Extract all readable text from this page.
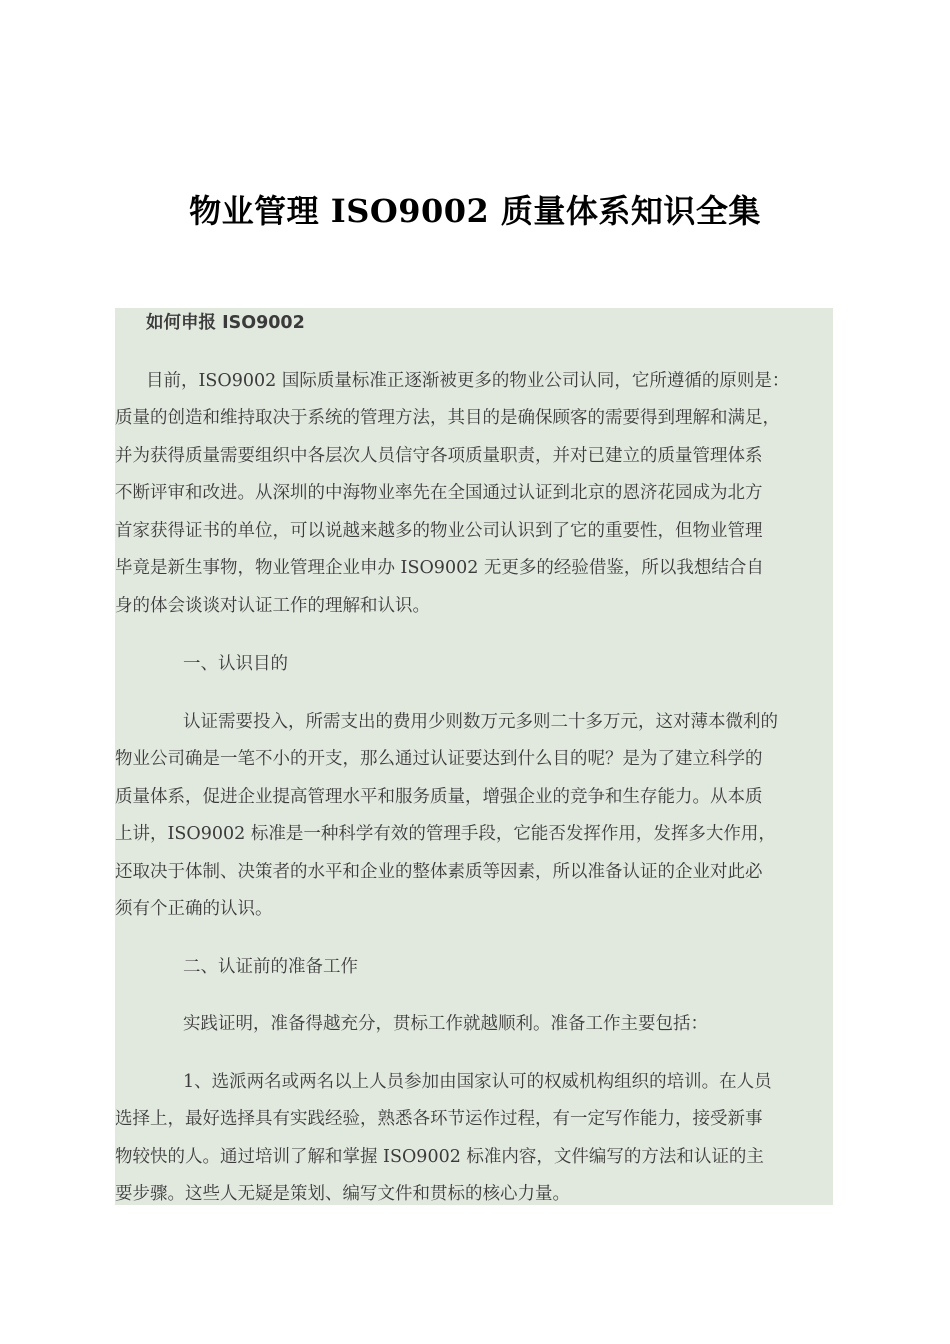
物业管理 ISO9002 质量体系知识全集
如何申报 ISO9002
目前，ISO9002 国际质量标准正逐渐被更多的物业公司认同，它所遵循的原则是：
质量的创造和维持取决于系统的管理方法，其目的是确保顾客的需要得到理解和满足，
并为获得质量需要组织中各层次人员信守各项质量职责，并对已建立的质量管理体系
不断评审和改进。从深圳的中海物业率先在全国通过认证到北京的恩济花园成为北方
首家获得证书的单位，可以说越来越多的物业公司认识到了它的重要性，但物业管理
毕竟是新生事物，物业管理企业申办 ISO9002 无更多的经验借鉴，所以我想结合自
身的体会谈谈对认证工作的理解和认识。
一、认识目的
认证需要投入，所需支出的费用少则数万元多则二十多万元，这对薄本微利的
物业公司确是一笔不小的开支，那么通过认证要达到什么目的呢？是为了建立科学的
质量体系，促进企业提高管理水平和服务质量，增强企业的竞争和生存能力。从本质
上讲，ISO9002 标准是一种科学有效的管理手段，它能否发挥作用，发挥多大作用，
还取决于体制、决策者的水平和企业的整体素质等因素，所以准备认证的企业对此必
须有个正确的认识。
二、认证前的准备工作
实践证明，准备得越充分，贯标工作就越顺利。准备工作主要包括：
1、选派两名或两名以上人员参加由国家认可的权威机构组织的培训。在人员
选择上，最好选择具有实践经验，熟悉各环节运作过程，有一定写作能力，接受新事
物较快的人。通过培训了解和掌握 ISO9002 标准内容，文件编写的方法和认证的主
要步骤。这些人无疑是策划、编写文件和贯标的核心力量。
